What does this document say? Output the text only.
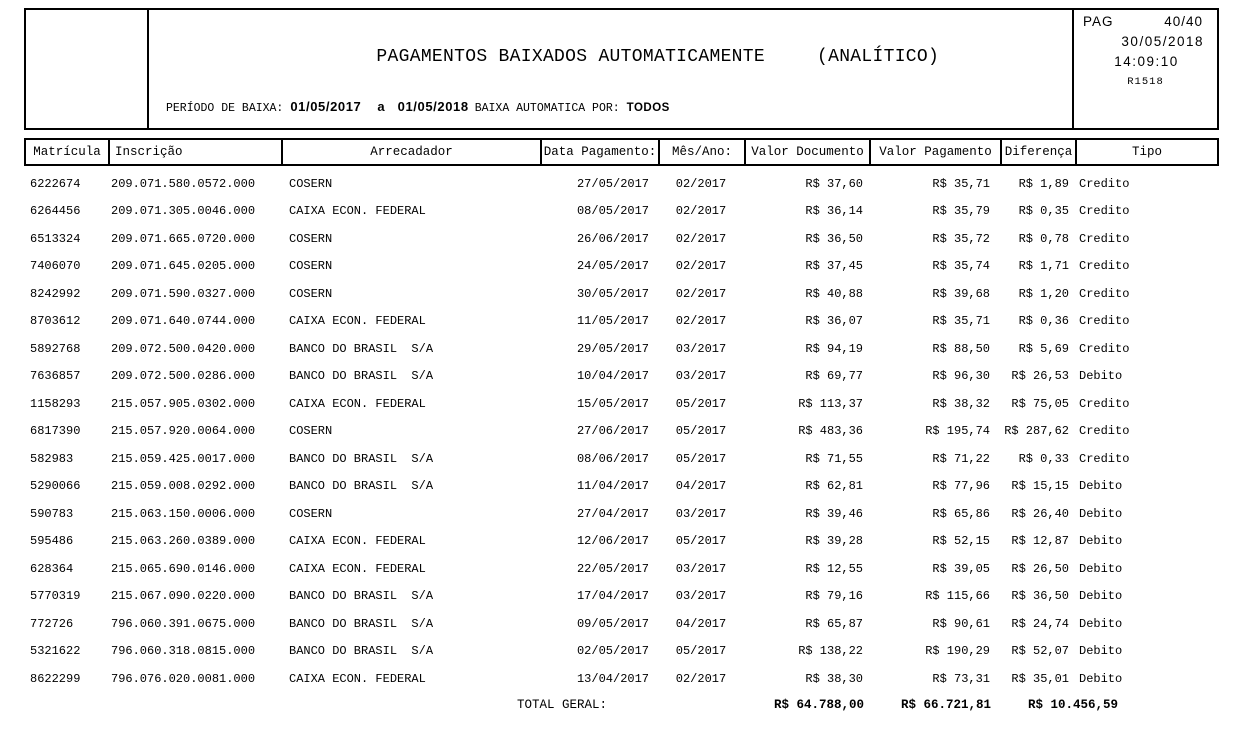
PAGAMENTOS BAIXADOS AUTOMATICAMENTE	(ANALÍTICO)

PERÍODO DE BAIXA: 01/05/2017 a 01/05/2018 BAIXA AUTOMATICA POR: TODOS
PAG	40/40
30/05/2018
14:09:10
R1518
Matrícula	Inscrição	Arrecadador	Data Pagamento:	Mês/Ano:	Valor Documento	Valor Pagamento	Diferença	Tipo
6222674	209.071.580.0572.000	COSERN	27/05/2017	02/2017	R$ 37,60	R$ 35,71	R$ 1,89 Credito
6264456	209.071.305.0046.000	CAIXA ECON. FEDERAL	08/05/2017	02/2017	R$ 36,14	R$ 35,79	R$ 0,35 Credito
6513324	209.071.665.0720.000	COSERN	26/06/2017	02/2017	R$ 36,50	R$ 35,72	R$ 0,78 Credito
7406070	209.071.645.0205.000	COSERN	24/05/2017	02/2017	R$ 37,45	R$ 35,74	R$ 1,71 Credito
8242992	209.071.590.0327.000	COSERN	30/05/2017	02/2017	R$ 40,88	R$ 39,68	R$ 1,20 Credito
8703612	209.071.640.0744.000	CAIXA ECON. FEDERAL	11/05/2017	02/2017	R$ 36,07	R$ 35,71	R$ 0,36 Credito
5892768	209.072.500.0420.000	BANCO DO BRASIL  S/A	29/05/2017	03/2017	R$ 94,19	R$ 88,50	R$ 5,69 Credito
7636857	209.072.500.0286.000	BANCO DO BRASIL  S/A	10/04/2017	03/2017	R$ 69,77	R$ 96,30	R$ 26,53 Debito
1158293	215.057.905.0302.000	CAIXA ECON. FEDERAL	15/05/2017	05/2017	R$ 113,37	R$ 38,32	R$ 75,05 Credito
6817390	215.057.920.0064.000	COSERN	27/06/2017	05/2017	R$ 483,36	R$ 195,74	R$ 287,62 Credito
582983	215.059.425.0017.000	BANCO DO BRASIL  S/A	08/06/2017	05/2017	R$ 71,55	R$ 71,22	R$ 0,33 Credito
5290066	215.059.008.0292.000	BANCO DO BRASIL  S/A	11/04/2017	04/2017	R$ 62,81	R$ 77,96	R$ 15,15 Debito
590783	215.063.150.0006.000	COSERN	27/04/2017	03/2017	R$ 39,46	R$ 65,86	R$ 26,40 Debito
595486	215.063.260.0389.000	CAIXA ECON. FEDERAL	12/06/2017	05/2017	R$ 39,28	R$ 52,15	R$ 12,87 Debito
628364	215.065.690.0146.000	CAIXA ECON. FEDERAL	22/05/2017	03/2017	R$ 12,55	R$ 39,05	R$ 26,50 Debito
5770319	215.067.090.0220.000	BANCO DO BRASIL  S/A	17/04/2017	03/2017	R$ 79,16	R$ 115,66	R$ 36,50 Debito
772726	796.060.391.0675.000	BANCO DO BRASIL  S/A	09/05/2017	04/2017	R$ 65,87	R$ 90,61	R$ 24,74 Debito
5321622	796.060.318.0815.000	BANCO DO BRASIL  S/A	02/05/2017	05/2017	R$ 138,22	R$ 190,29	R$ 52,07 Debito
8622299	796.076.020.0081.000	CAIXA ECON. FEDERAL	13/04/2017	02/2017	R$ 38,30	R$ 73,31	R$ 35,01 Debito
TOTAL GERAL:	R$ 64.788,00	R$ 66.721,81	R$ 10.456,59
